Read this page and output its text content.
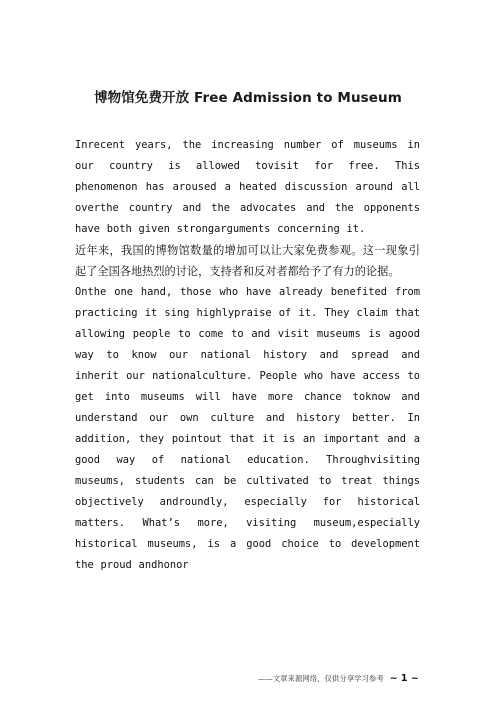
博物馆免费开放 Free Admission to Museum

Inrecent years, the increasing number of museums in our country is allowed tovisit for free. This phenomenon has aroused a heated discussion around all overthe country and the advocates and the opponents have both given strongarguments concerning it.

近年来，我国的博物馆数量的增加可以让大家免费参观。这一现象引起了全国各地热烈的讨论，支持者和反对者都给予了有力的论据。

Onthe one hand, those who have already benefited from practicing it sing highlypraise of it. They claim that allowing people to come to and visit museums is agood way to know our national history and spread and inherit our nationalculture. People who have access to get into museums will have more chance toknow and understand our own culture and history better. In addition, they pointout that it is an important and a good way of national education. Throughvisiting museums, students can be cultivated to treat things objectively androundly, especially for historical matters. What’s more, visiting museum,especially historical museums, is a good choice to development the proud andhonor

——文章来源网络，仅供分享学习参考 ~ 1 ~
